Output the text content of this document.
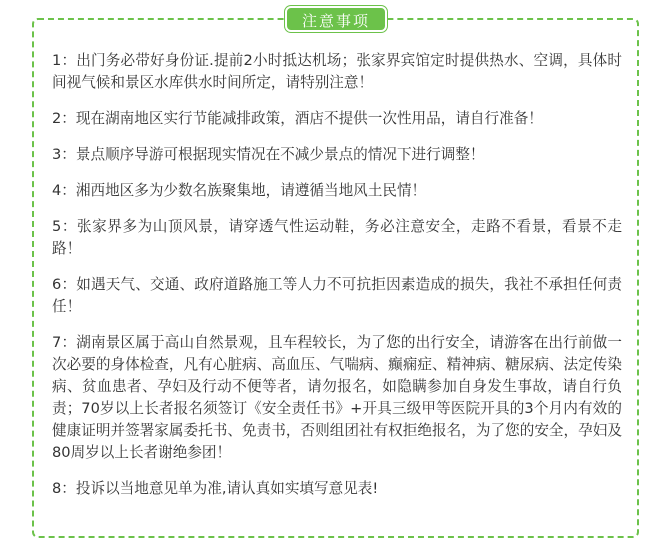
注意事项

1：出门务必带好身份证.提前2小时抵达机场；张家界宾馆定时提供热水、空调，具体时间视气候和景区水库供水时间所定，请特别注意！

2：现在湖南地区实行节能减排政策，酒店不提供一次性用品，请自行准备！

3：景点顺序导游可根据现实情况在不减少景点的情况下进行调整！

4：湘西地区多为少数名族聚集地，请遵循当地风土民情！

5：张家界多为山顶风景，请穿透气性运动鞋，务必注意安全，走路不看景，看景不走路！

6：如遇天气、交通、政府道路施工等人力不可抗拒因素造成的损失，我社不承担任何责任！

7：湖南景区属于高山自然景观，且车程较长，为了您的出行安全，请游客在出行前做一次必要的身体检查，凡有心脏病、高血压、气喘病、癫痫症、精神病、糖尿病、法定传染病、贫血患者、孕妇及行动不便等者，请勿报名，如隐瞒参加自身发生事故，请自行负责；70岁以上长者报名须签订《安全责任书》+开具三级甲等医院开具的3个月内有效的健康证明并签署家属委托书、免责书，否则组团社有权拒绝报名，为了您的安全，孕妇及80周岁以上长者谢绝参团！

8：投诉以当地意见单为准,请认真如实填写意见表!
